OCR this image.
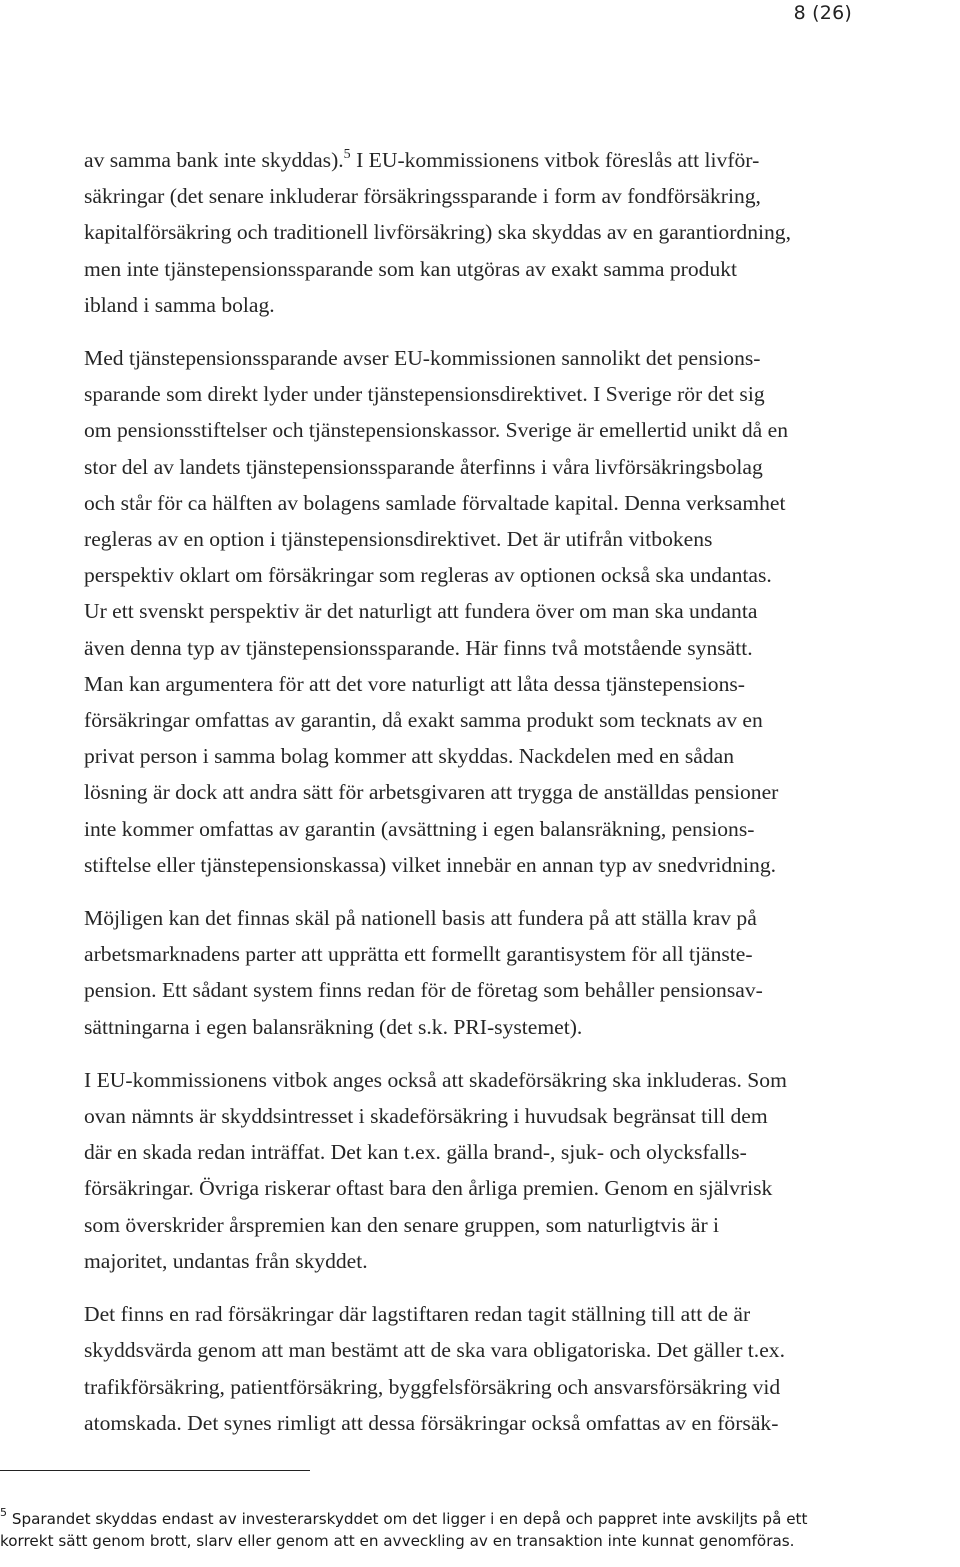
8 (26)

av samma bank inte skyddas).$^5$ I EU-kommissionens vitbok föreslås att livför-
säkringar (det senare inkluderar försäkringssparande i form av fondförsäkring,
kapitalförsäkring och traditionell livförsäkring) ska skyddas av en garantiordning,
men inte tjänstepensionssparande som kan utgöras av exakt samma produkt
ibland i samma bolag.

Med tjänstepensionssparande avser EU-kommissionen sannolikt det pensions-
sparande som direkt lyder under tjänstepensionsdirektivet. I Sverige rör det sig
om pensionsstiftelser och tjänstepensionskassor. Sverige är emellertid unikt då en
stor del av landets tjänstepensionssparande återfinns i våra livförsäkringsbolag
och står för ca hälften av bolagens samlade förvaltade kapital. Denna verksamhet
regleras av en option i tjänstepensionsdirektivet. Det är utifrån vitbokens
perspektiv oklart om försäkringar som regleras av optionen också ska undantas.
Ur ett svenskt perspektiv är det naturligt att fundera över om man ska undanta
även denna typ av tjänstepensionssparande. Här finns två motstående synsätt.
Man kan argumentera för att det vore naturligt att låta dessa tjänstepensions-
försäkringar omfattas av garantin, då exakt samma produkt som tecknats av en
privat person i samma bolag kommer att skyddas. Nackdelen med en sådan
lösning är dock att andra sätt för arbetsgivaren att trygga de anställdas pensioner
inte kommer omfattas av garantin (avsättning i egen balansräkning, pensions-
stiftelse eller tjänstepensionskassa) vilket innebär en annan typ av snedvridning.

Möjligen kan det finnas skäl på nationell basis att fundera på att ställa krav på
arbetsmarknadens parter att upprätta ett formellt garantisystem för all tjänste-
pension. Ett sådant system finns redan för de företag som behåller pensionsav-
sättningarna i egen balansräkning (det s.k. PRI-systemet).

I EU-kommissionens vitbok anges också att skadeförsäkring ska inkluderas. Som
ovan nämnts är skyddsintresset i skadeförsäkring i huvudsak begränsat till dem
där en skada redan inträffat. Det kan t.ex. gälla brand-, sjuk- och olycksfalls-
försäkringar. Övriga riskerar oftast bara den årliga premien. Genom en självrisk
som överskrider årspremien kan den senare gruppen, som naturligtvis är i
majoritet, undantas från skyddet.

Det finns en rad försäkringar där lagstiftaren redan tagit ställning till att de är
skyddsvärda genom att man bestämt att de ska vara obligatoriska. Det gäller t.ex.
trafikförsäkring, patientförsäkring, byggfelsförsäkring och ansvarsförsäkring vid
atomskada. Det synes rimligt att dessa försäkringar också omfattas av en försäk-

$^5$ Sparandet skyddas endast av investerarskyddet om det ligger i en depå och pappret inte avskiljts på ett
korrekt sätt genom brott, slarv eller genom att en avveckling av en transaktion inte kunnat genomföras.
